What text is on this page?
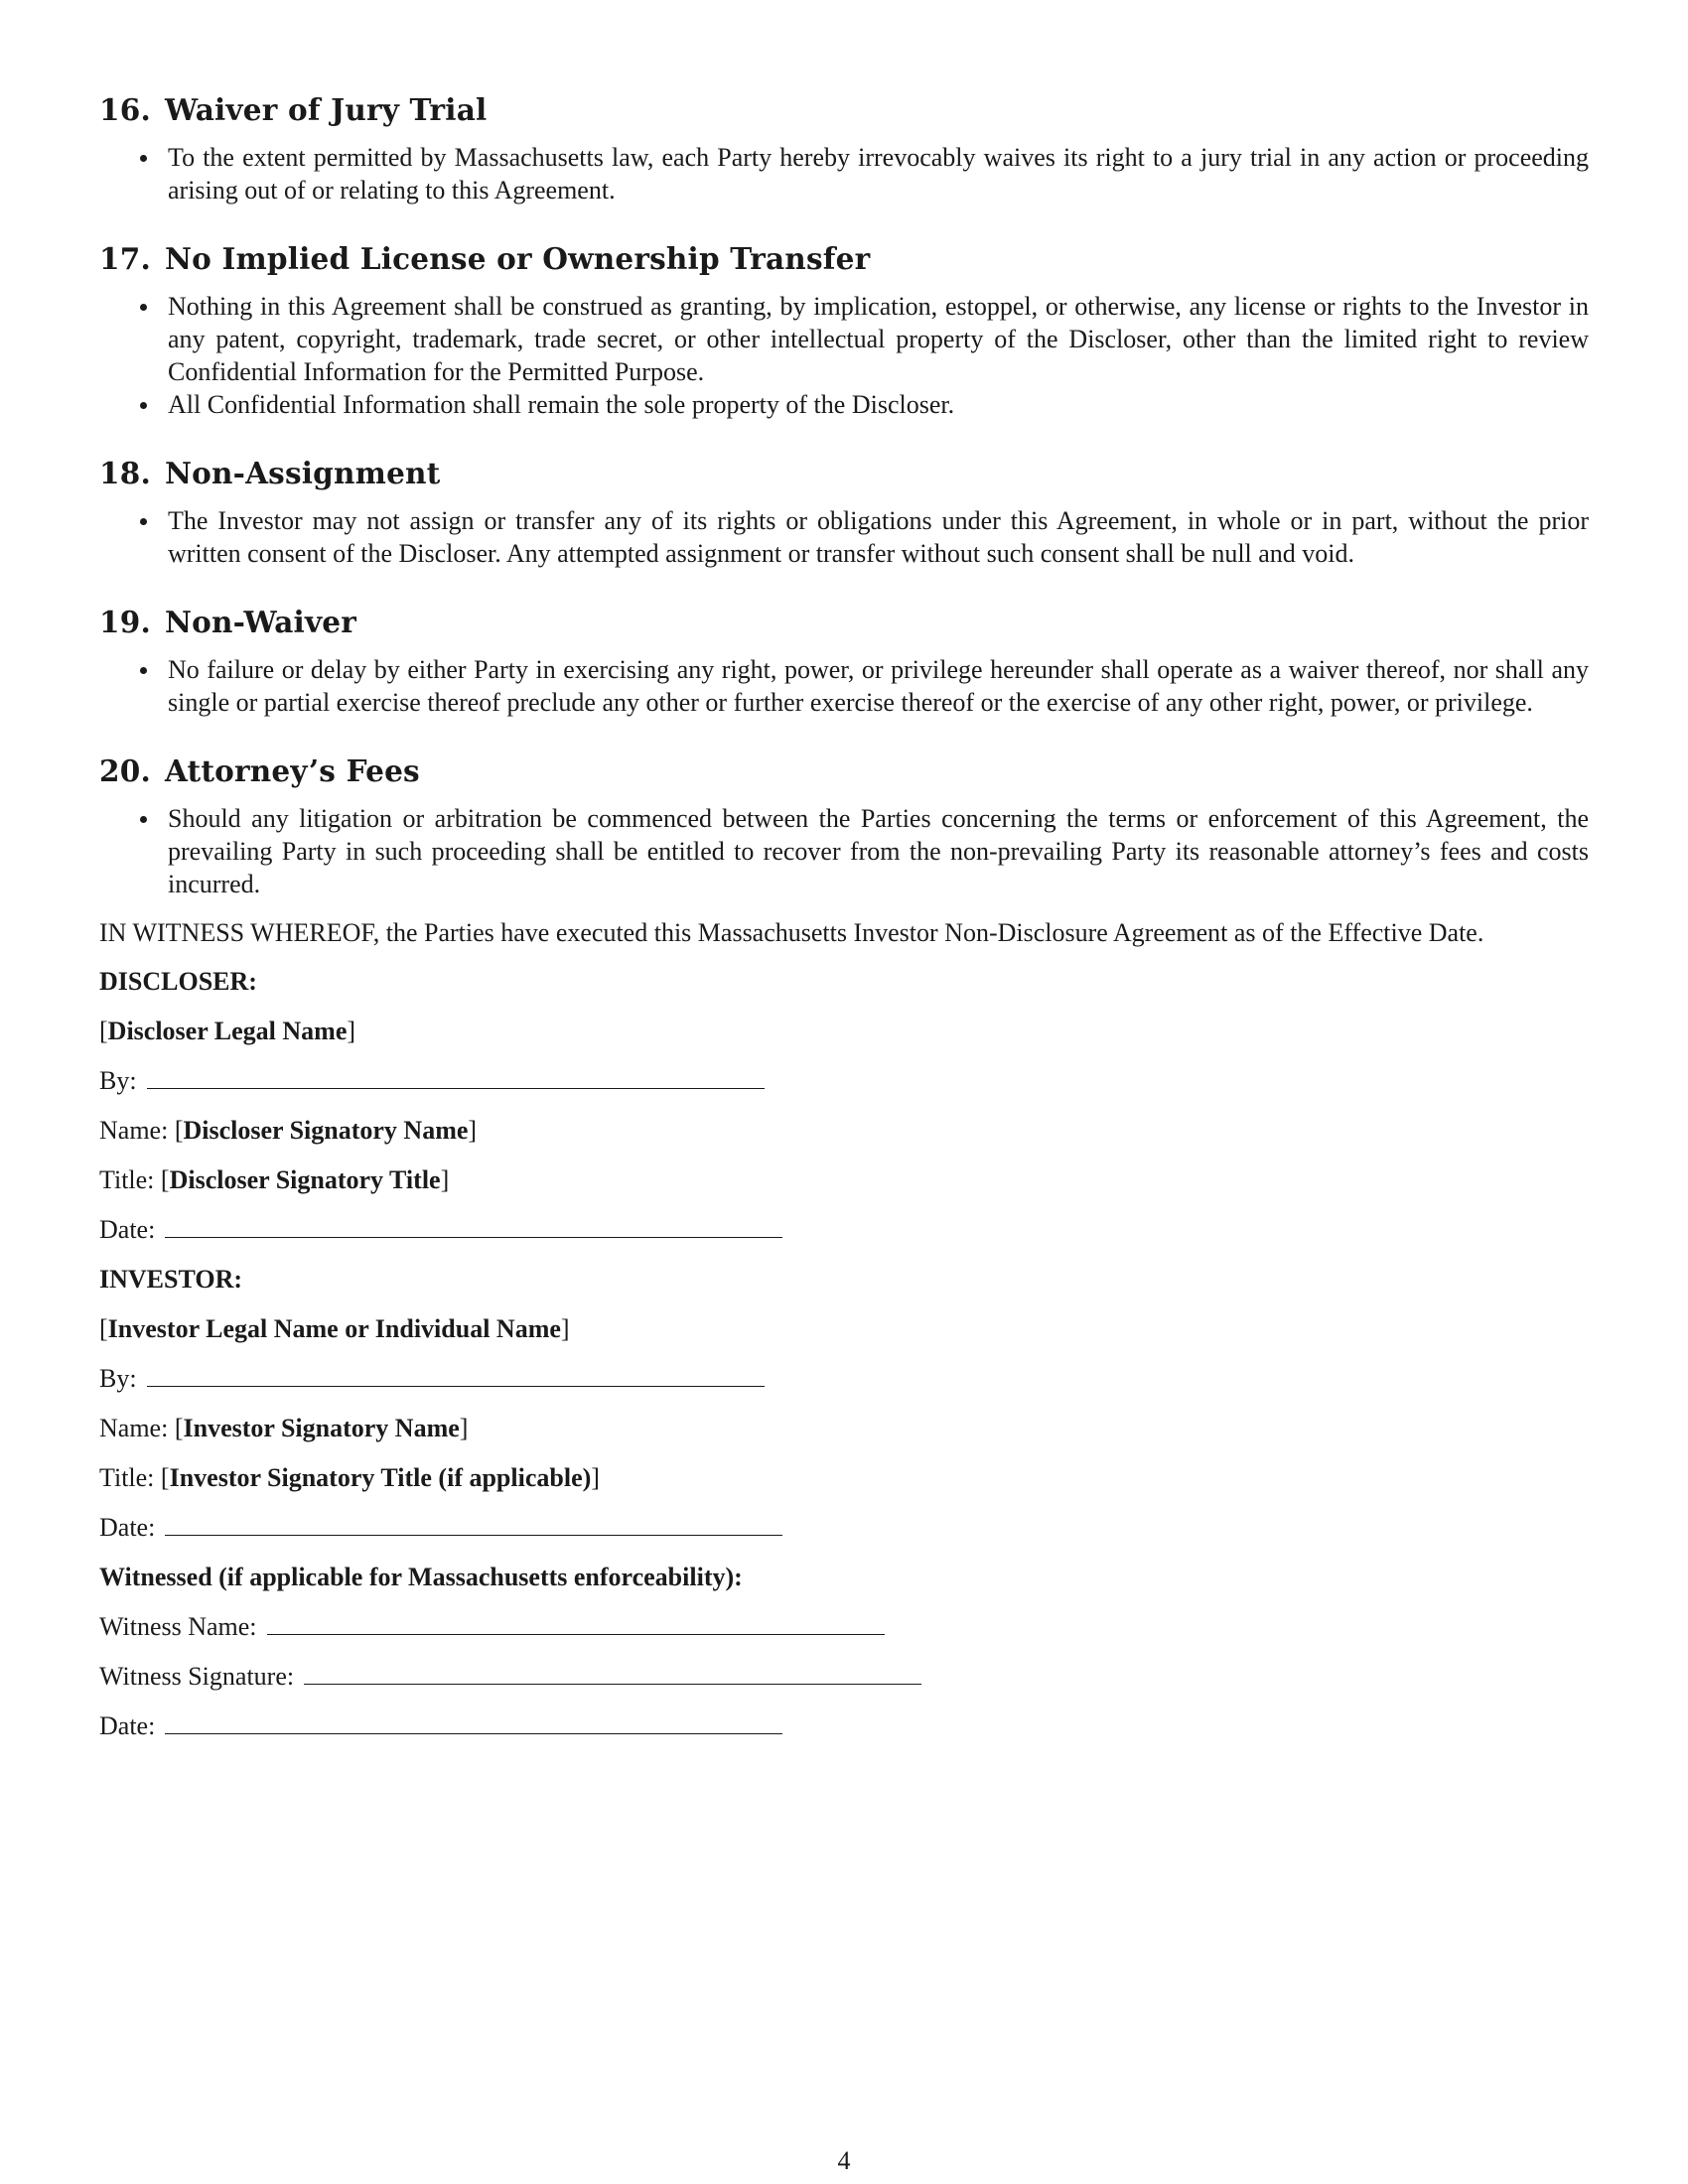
16. Waiver of Jury Trial
To the extent permitted by Massachusetts law, each Party hereby irrevocably waives its right to a jury trial in any action or proceeding arising out of or relating to this Agreement.
17. No Implied License or Ownership Transfer
Nothing in this Agreement shall be construed as granting, by implication, estoppel, or otherwise, any license or rights to the Investor in any patent, copyright, trademark, trade secret, or other intellectual property of the Discloser, other than the limited right to review Confidential Information for the Permitted Purpose.
All Confidential Information shall remain the sole property of the Discloser.
18. Non-Assignment
The Investor may not assign or transfer any of its rights or obligations under this Agreement, in whole or in part, without the prior written consent of the Discloser. Any attempted assignment or transfer without such consent shall be null and void.
19. Non-Waiver
No failure or delay by either Party in exercising any right, power, or privilege hereunder shall operate as a waiver thereof, nor shall any single or partial exercise thereof preclude any other or further exercise thereof or the exercise of any other right, power, or privilege.
20. Attorney’s Fees
Should any litigation or arbitration be commenced between the Parties concerning the terms or enforcement of this Agreement, the prevailing Party in such proceeding shall be entitled to recover from the non-prevailing Party its reasonable attorney’s fees and costs incurred.

IN WITNESS WHEREOF, the Parties have executed this Massachusetts Investor Non-Disclosure Agreement as of the Effective Date.

DISCLOSER:
[Discloser Legal Name]
By:
Name: [Discloser Signatory Name]
Title: [Discloser Signatory Title]
Date:
INVESTOR:
[Investor Legal Name or Individual Name]
By:
Name: [Investor Signatory Name]
Title: [Investor Signatory Title (if applicable)]
Date:
Witnessed (if applicable for Massachusetts enforceability):
Witness Name:
Witness Signature:
Date:
4
